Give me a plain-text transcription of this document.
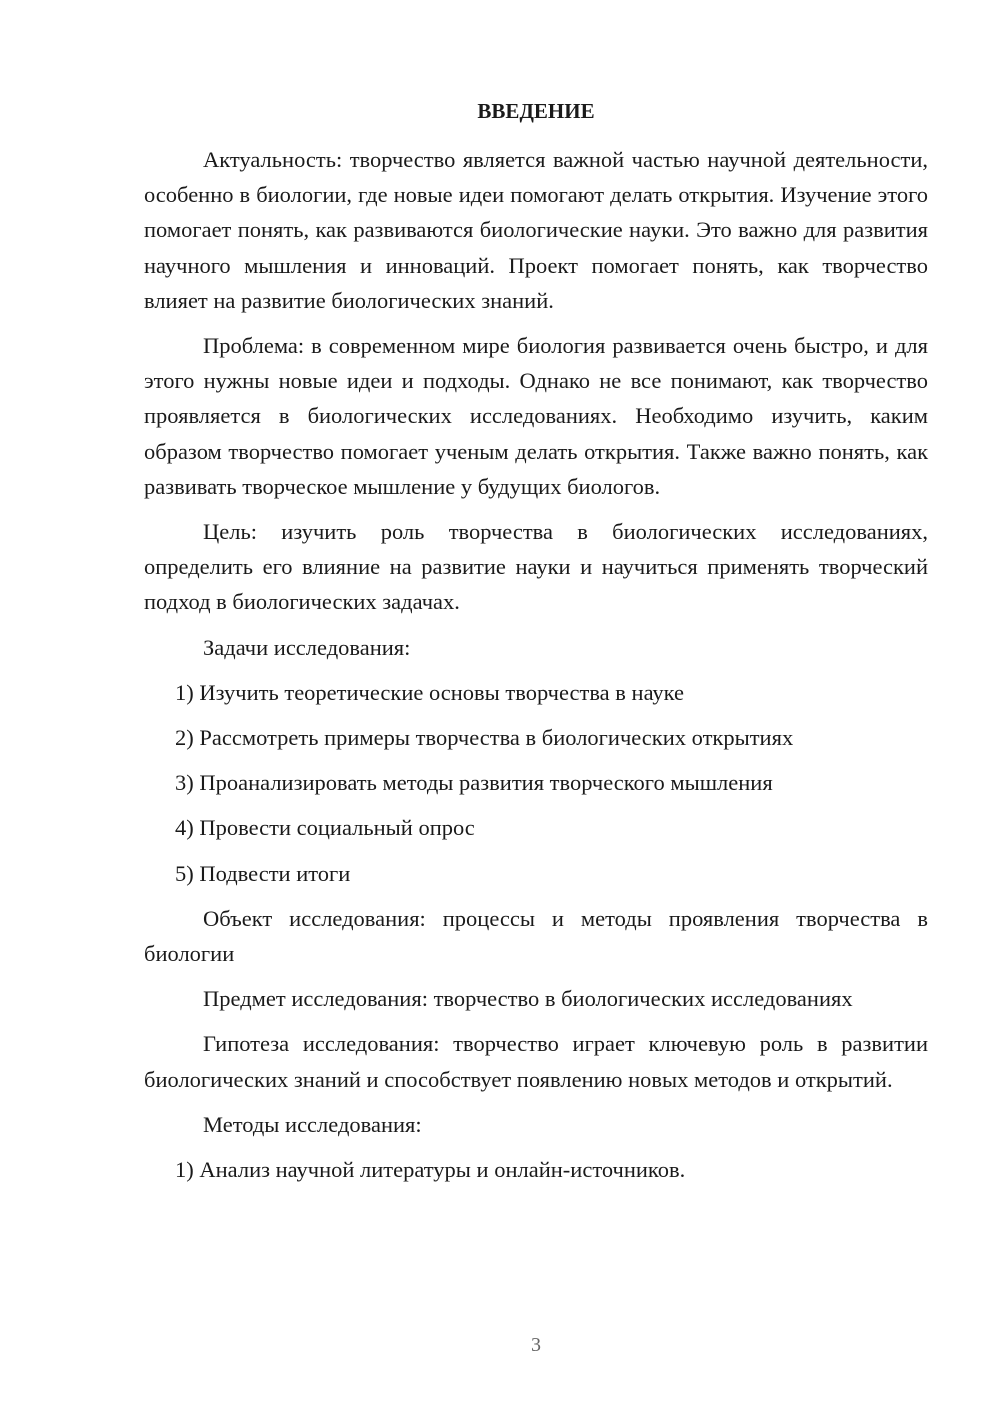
ВВЕДЕНИЕ

Актуальность: творчество является важной частью научной деятельности, особенно в биологии, где новые идеи помогают делать открытия. Изучение этого помогает понять, как развиваются биологические науки. Это важно для развития научного мышления и инноваций. Проект помогает понять, как творчество влияет на развитие биологических знаний.

Проблема: в современном мире биология развивается очень быстро, и для этого нужны новые идеи и подходы. Однако не все понимают, как творчество проявляется в биологических исследованиях. Необходимо изучить, каким образом творчество помогает ученым делать открытия. Также важно понять, как развивать творческое мышление у будущих биологов.

Цель: изучить роль творчества в биологических исследованиях, определить его влияние на развитие науки и научиться применять творческий подход в биологических задачах.

Задачи исследования:

1) Изучить теоретические основы творчества в науке
2) Рассмотреть примеры творчества в биологических открытиях
3) Проанализировать методы развития творческого мышления
4) Провести социальный опрос
5) Подвести итоги

Объект исследования: процессы и методы проявления творчества в биологии

Предмет исследования: творчество в биологических исследованиях

Гипотеза исследования: творчество играет ключевую роль в развитии биологических знаний и способствует появлению новых методов и открытий.

Методы исследования:

1) Анализ научной литературы и онлайн-источников.
3
